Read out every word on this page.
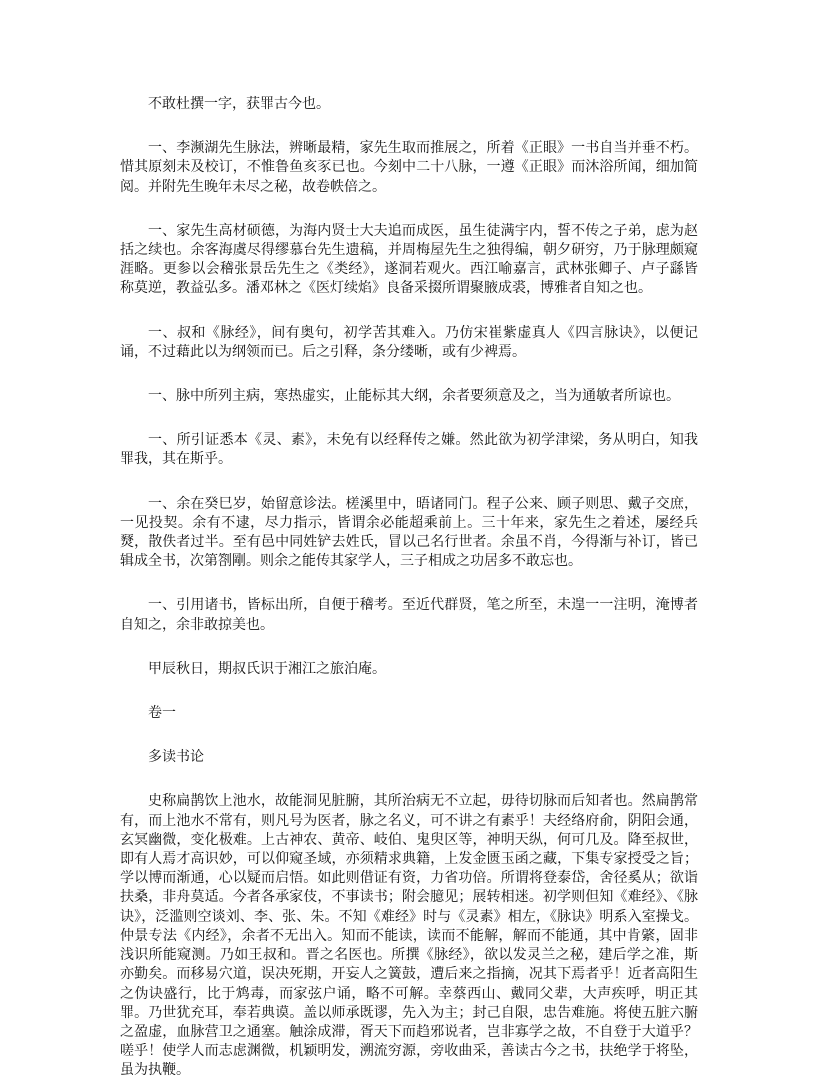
不敢杜撰一字，获罪古今也。

一、李濒湖先生脉法，辨晰最精，家先生取而推展之，所着《正眼》一书自当并垂不朽。惜其原刻未及校订，不惟鲁鱼亥豕已也。今刻中二十八脉，一遵《正眼》而沐浴所闻，细加简阅。并附先生晚年未尽之秘，故卷帙倍之。

一、家先生高材硕德，为海内贤士大夫追而成医，虽生徒满宇内，誓不传之子弟，虑为赵括之续也。余客海虞尽得缪慕台先生遗稿，并周梅屋先生之独得编，朝夕研穷，乃于脉理颇窥涯略。更参以会稽张景岳先生之《类经》，遂洞若观火。西江喻嘉言，武林张卿子、卢子繇皆称莫逆，教益弘多。潘邓林之《医灯续焰》良备采掇所谓聚腋成裘，博雅者自知之也。

一、叔和《脉经》，间有奥句，初学苦其难入。乃仿宋崔紫虚真人《四言脉诀》，以便记诵，不过藉此以为纲领而已。后之引释，条分缕晰，或有少裨焉。

一、脉中所列主病，寒热虚实，止能标其大纲，余者要须意及之，当为通敏者所谅也。

一、所引证悉本《灵、素》，未免有以经释传之嫌。然此欲为初学津梁，务从明白，知我罪我，其在斯乎。

一、余在癸巳岁，始留意诊法。槎溪里中，晤诸同门。程子公来、顾子则思、戴子交庶，一见投契。余有不逮，尽力指示，皆谓余必能超乘前上。三十年来，家先生之着述，屡经兵燹，散佚者过半。至有邑中同姓铲去姓氏，冒以己名行世者。余虽不肖，今得渐与补订，皆已辑成全书，次第劄剛。则余之能传其家学人，三子相成之功居多不敢忘也。

一、引用诸书，皆标出所，自便于稽考。至近代群贤，笔之所至，未遑一一注明，淹博者自知之，余非敢掠美也。

甲辰秋日，期叔氏识于湘江之旅泊庵。

卷一

多读书论

史称扁鹊饮上池水，故能洞见脏腑，其所治病无不立起，毋待切脉而后知者也。然扁鹊常有，而上池水不常有，则凡号为医者，脉之名义，可不讲之有素乎！夫经络府俞，阴阳会通，玄冥幽微，变化极难。上古神农、黄帝、岐伯、鬼臾区等，神明天纵，何可几及。降至叔世，即有人焉才高识妙，可以仰窥圣域，亦须精求典籍，上发金匮玉函之藏，下集专家授受之旨；学以博而渐通，心以疑而启悟。如此则借证有资，力省功倍。所谓将登泰岱，舍径奚从；欲诣扶桑，非舟莫适。今者各承家伎，不事读书；附会臆见；展转相迷。初学则但知《难经》、《脉诀》，泛滥则空谈刘、李、张、朱。不知《难经》时与《灵素》相左，《脉诀》明系入室操戈。仲景专法《内经》，余者不无出入。知而不能读，读而不能解，解而不能通，其中肯綮，固非浅识所能窥测。乃如王叔和。晋之名医也。所撰《脉经》，欲以发灵兰之秘，建后学之准，斯亦勤矣。而移易穴道，误决死期，开妄人之簧鼓，遭后来之指摘，况其下焉者乎！近者高阳生之伪诀盛行，比于鸩毒，而家弦户诵，略不可解。幸蔡西山、戴同父辈，大声疾呼，明正其罪。乃世犹充耳，奉若典谟。盖以师承既谬，先入为主；封己自限，忠告难施。将使五脏六腑之盈虚，血脉营卫之通塞。触涂成滞，胥天下而趋邪说者，岂非寡学之故，不自登于大道乎？嗟乎！使学人而志虑渊微，机颖明发，溯流穷源，旁收曲采，善读古今之书，扶绝学于将坠，虽为执鞭。
